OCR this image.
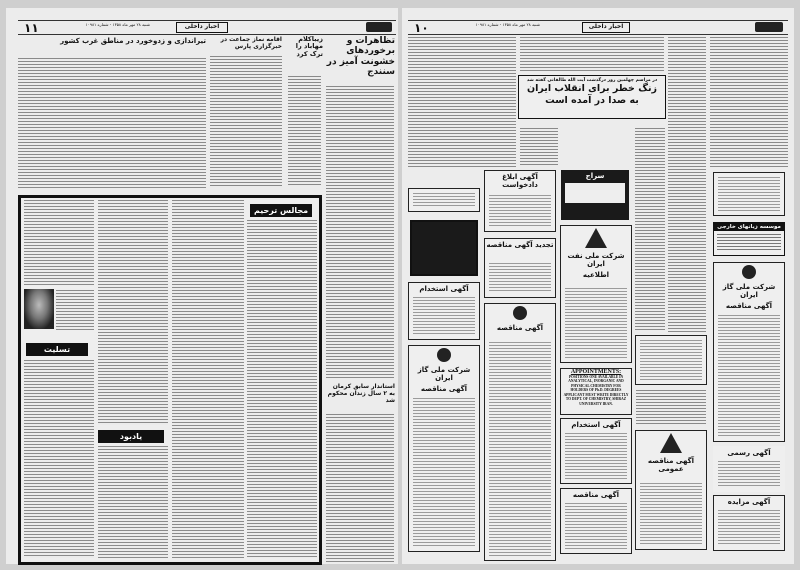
۱۱	شنبه ۲۸ مهر ماه ۱۳۵۸ - شماره ۱۰۹۸۱	اخبار داخلی
تظاهرات و برخوردهای خشونت آمیز در سنندج
زیباکلام مهاباد را ترک کرد
اقامه نماز جماعت در خبرگزاری پارس
تیراندازی و زدوخورد در مناطق غرب کشور
استاندار سابق کرمان به ۲ سال زندان محکوم شد
مجالس ترحیم
تسلیت
یادبود
۱۰	شنبه ۲۸ مهر ماه ۱۳۵۸ - شماره ۱۰۹۸۱	اخبار داخلی
در مراسم چهلمین روز درگذشت آیت الله طالقانی گفته شد
زنگ خطر برای انقلاب ایران
به صدا در آمده است
آگهی استخدام
شرکت ملی گاز ایران
آگهی مناقصه
آگهی ابلاغ دادخواست
تجدید آگهی مناقصه
آگهی مناقصه
سراج
شرکت ملی نفت ایران
اطلاعیه
APPOINTMENTS:
POSITIONS ONE AVAILABLE IN ANALYTICAL, INORGANIC AND PHYSICAL CHEMISTRY FOR HOLDERS OF Ph.D. DEGREES APPLICANT MUST WRITE DIRECTLY TO DEPT. OF CHEMISTRY, SHIRAZ UNIVERSITY IRAN.
آگهی استخدام
آگهی مناقصه
آگهی مناقصه عمومی
موسسه زبانهای خارجی
شرکت ملی گاز ایران
آگهی مناقصه
آگهی رسمی
آگهی مزایده
